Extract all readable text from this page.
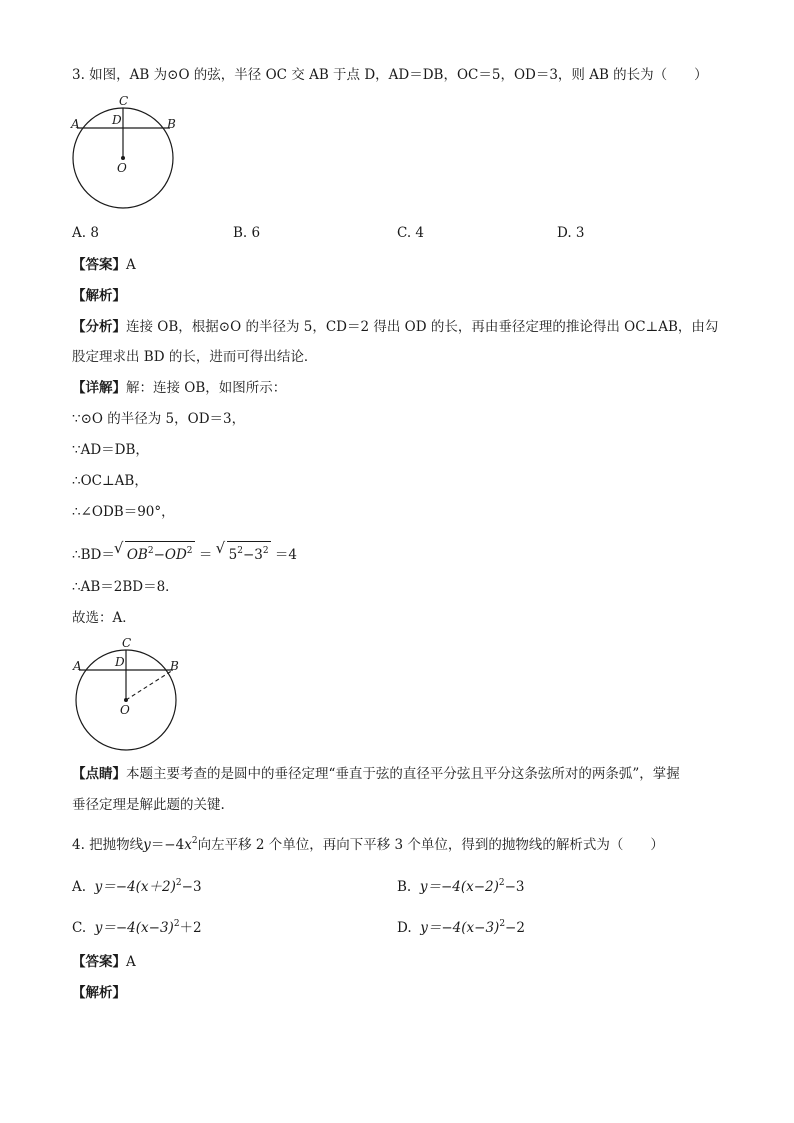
3. 如图，AB 为⊙O 的弦，半径 OC 交 AB 于点 D，AD＝DB，OC＝5，OD＝3，则 AB 的长为（　　）
C
D
A	B
O
A. 8	B. 6	C. 4	D. 3
【答案】A
【解析】
【分析】连接 OB，根据⊙O 的半径为 5，CD＝2 得出 OD 的长，再由垂径定理的推论得出 OC⊥AB，由勾
股定理求出 BD 的长，进而可得出结论．
【详解】解：连接 OB，如图所示：
∵⊙O 的半径为 5，OD＝3，
∵AD＝DB，
∴OC⊥AB，
∴∠ODB＝90°，
∴BD＝ √ $OB^2-OD^2$ ＝ √ $5^2-3^2 =4$
∴AB＝2BD＝8．
故选：A．
C
D
A	B
O
【点睛】本题主要考查的是圆中的垂径定理“垂直于弦的直径平分弦且平分这条弦所对的两条弧”，掌握
垂径定理是解此题的关键.
4. 把抛物线$y=-4x^2$向左平移 2 个单位，再向下平移 3 个单位，得到的抛物线的解析式为（　　）
A. $y=-4(x+2)^2-3$	B. $y=-4(x-2)^2-3$
C. $y=-4(x-3)^2+2$	D. $y=-4(x-3)^2-2$
【答案】A
【解析】
